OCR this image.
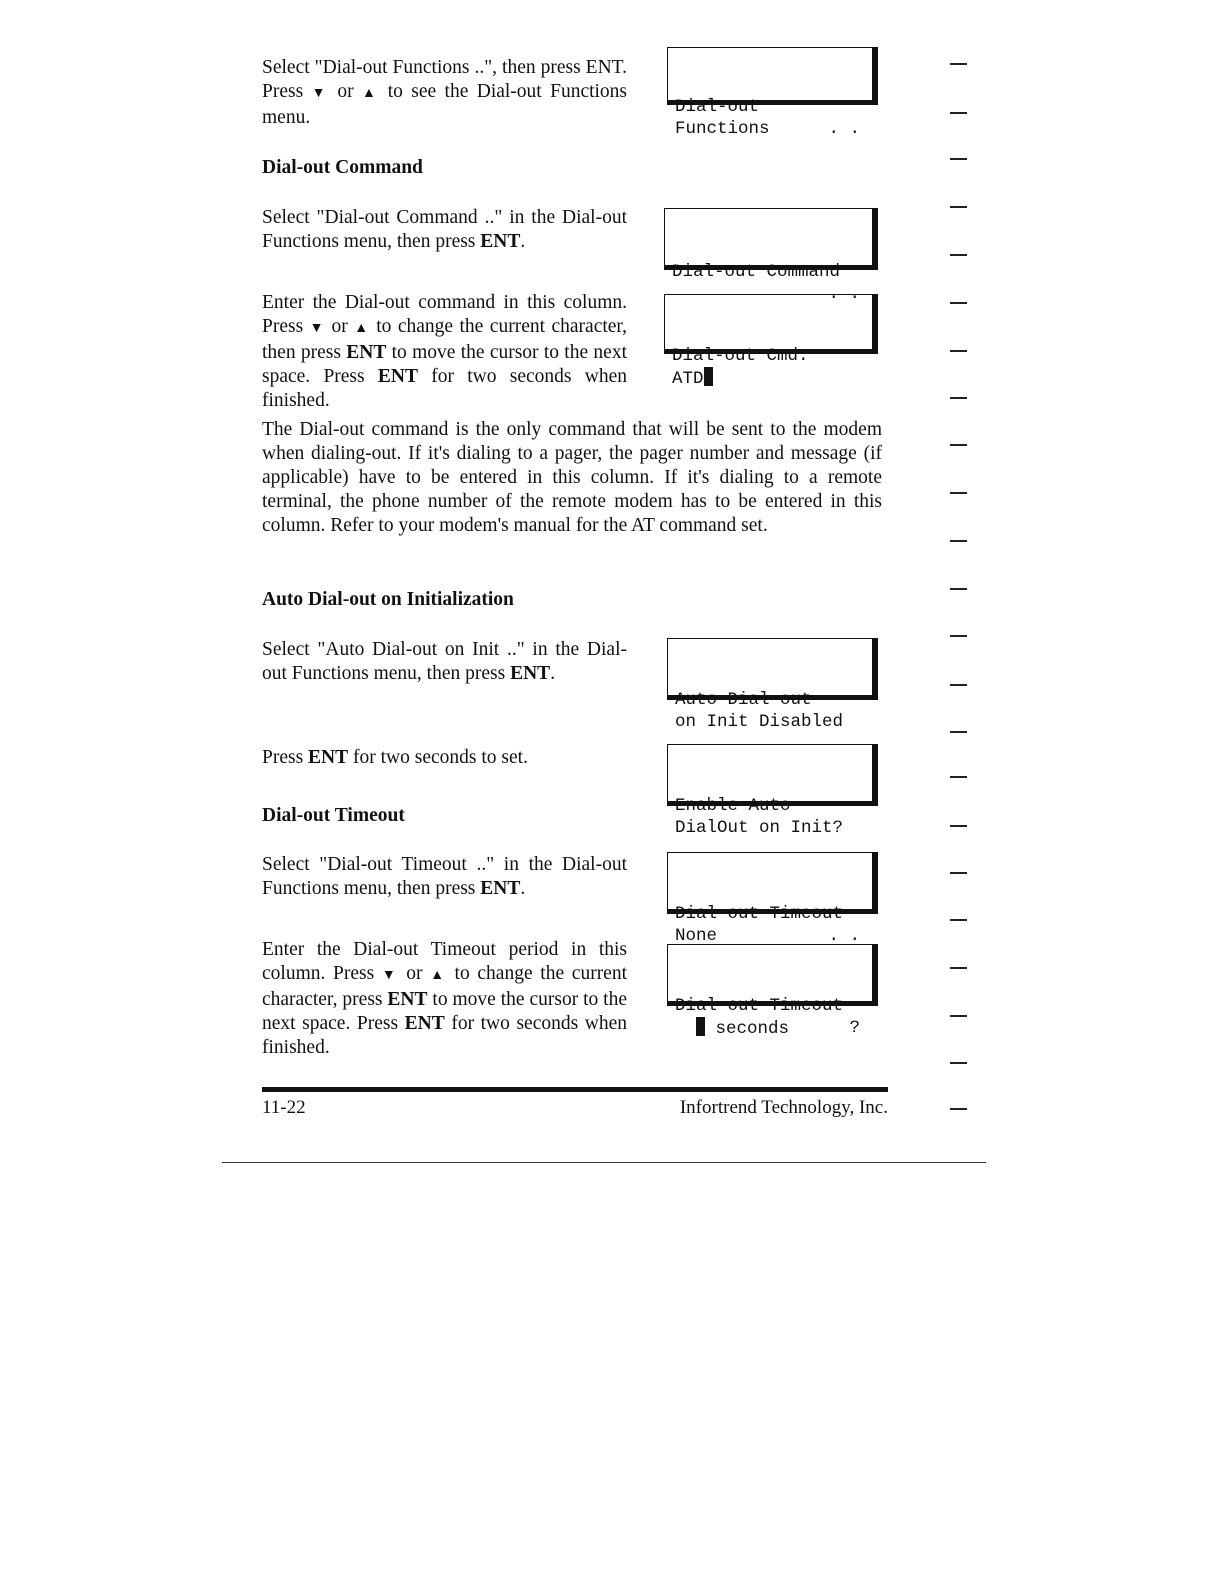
Select "Dial-out Functions ..", then press ENT. Press ▼ or ▲ to see the Dial-out Functions menu.

	Dial-out
Functions	. .

Dial-out Command

Select "Dial-out Command .." in the Dial-out Functions menu, then press ENT.

Dial-out Command
. .

Enter the Dial-out command in this column. Press ▼ or ▲ to change the current character, then press ENT to move the cursor to the next space. Press ENT for two seconds when finished.

Dial-out Cmd:
ATD

The Dial-out command is the only command that will be sent to the modem when dialing-out. If it's dialing to a pager, the pager number and message (if applicable) have to be entered in this column. If it's dialing to a remote terminal, the phone number of the remote modem has to be entered in this column. Refer to your modem's manual for the AT command set.

Auto Dial-out on Initialization

Select "Auto Dial-out on Init .." in the Dial-out Functions menu, then press ENT.

Auto Dial-out
on Init Disabled

Press ENT for two seconds to set.

Enable Auto
DialOut on Init?

Dial-out Timeout

Select "Dial-out Timeout .." in the Dial-out Functions menu, then press ENT.

Dial-out Timeout
None	. .

Enter the Dial-out Timeout period in this column. Press ▼ or ▲ to change the current character, press ENT to move the cursor to the next space. Press ENT for two seconds when finished.

Dial-out Timeout
seconds	?

11-22	Infortrend Technology, Inc.
